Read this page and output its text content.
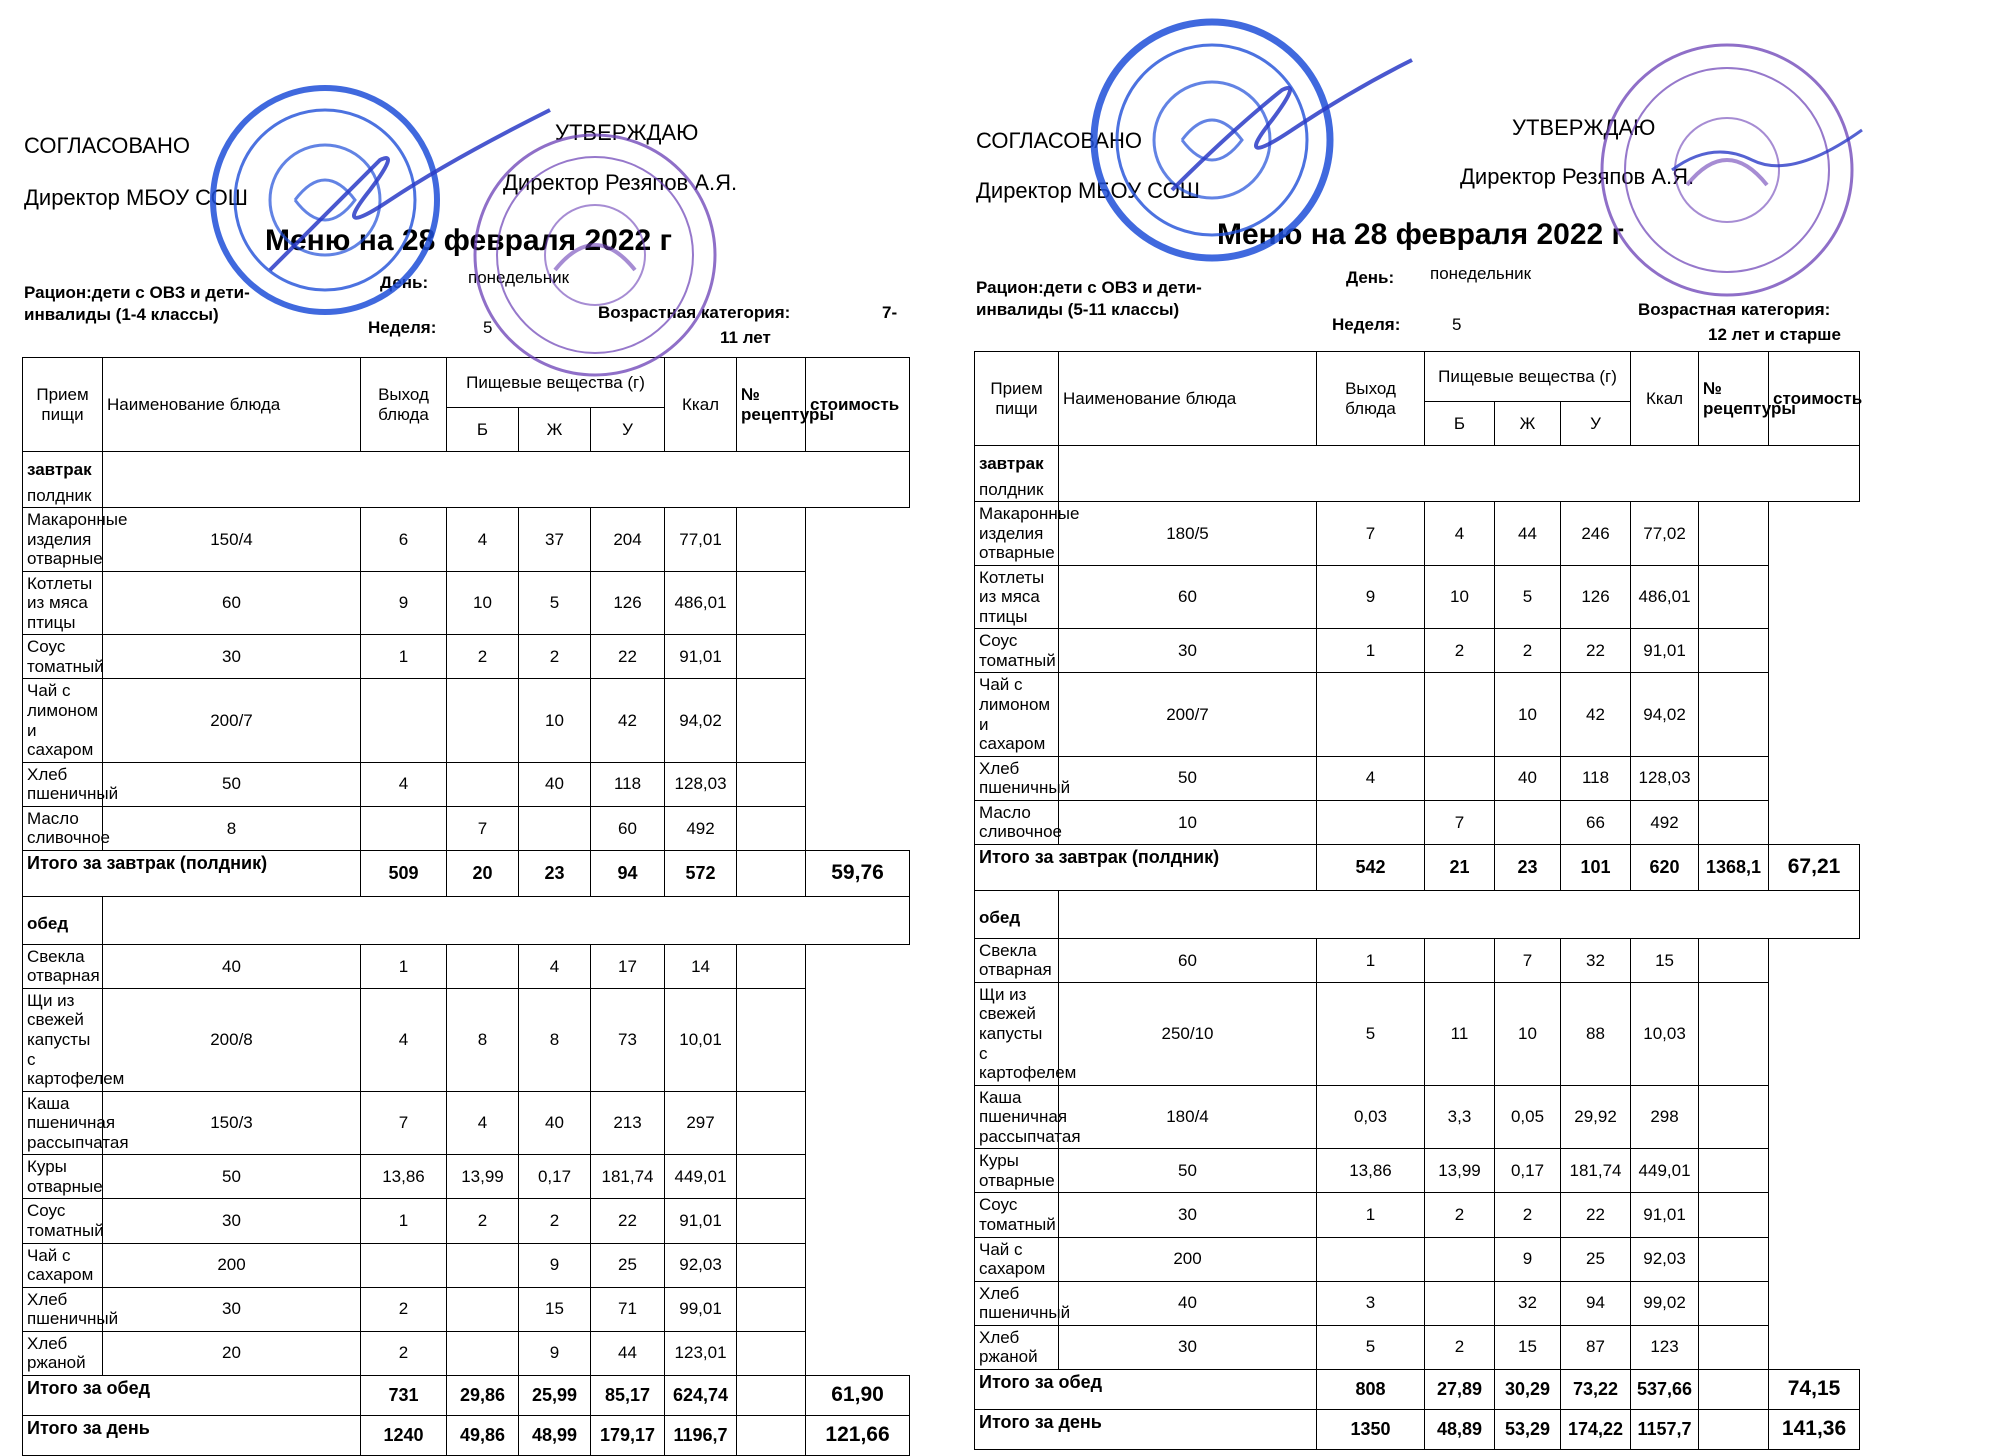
СОГЛАСОВАНО
УТВЕРЖДАЮ
Директор МБОУ СОШ
Директор Резяпов А.Я.
Меню на 28 февраля 2022 г
Рацион:дети с ОВЗ и дети-
инвалиды (1-4 классы)
День: понедельник
Неделя:	5
Возрастная категория:	7-
11 лет
Прием пищи	Наименование блюда	Выход блюда	Пищевые вещества (г)			Ккал	№ рецептуры	стоимость
			Б	Ж	У			

завтрак
полдник								

Макаронные изделия отварные	150/4	6	4	37	204	77,01		
Котлеты из мяса птицы	60	9	10	5	126	486,01		
Соус томатный	30	1	2	2	22	91,01		
Чай с лимоном и сахаром	200/7			10	42	94,02		
Хлеб пшеничный	50	4		40	118	128,03		
Масло сливочное	8		7		60	492		
Итого за завтрак (полдник)		509	20	23	94	572		59,76

обед								

Свекла отварная	40	1		4	17	14		
Щи из свежей капусты с картофелем	200/8	4	8	8	73	10,01		
Каша пшеничная рассыпчатая	150/3	7	4	40	213	297		
Куры отварные	50	13,86	13,99	0,17	181,74	449,01		
Соус томатный	30	1	2	2	22	91,01		
Чай с сахаром	200			9	25	92,03		
Хлеб пшеничный	30	2		15	71	99,01		
Хлеб ржаной	20	2		9	44	123,01		
Итого за обед		731	29,86	25,99	85,17	624,74		61,90
Итого за день		1240	49,86	48,99	179,17	1196,7		121,66
СОГЛАСОВАНО
УТВЕРЖДАЮ
Директор МБОУ СОШ
Директор Резяпов А.Я.
Меню на 28 февраля 2022 г
Рацион:дети с ОВЗ и дети-
инвалиды (5-11 классы)
День: понедельник
Неделя:	5
Возрастная категория:
12 лет и старше
Прием пищи	Наименование блюда	Выход блюда	Пищевые вещества (г)			Ккал	№ рецептуры	стоимость
			Б	Ж	У			

завтрак
полдник								

Макаронные изделия отварные	180/5	7	4	44	246	77,02		
Котлеты из мяса птицы	60	9	10	5	126	486,01		
Соус томатный	30	1	2	2	22	91,01		
Чай с лимоном и сахаром	200/7			10	42	94,02		
Хлеб пшеничный	50	4		40	118	128,03		
Масло сливочное	10		7		66	492		
Итого за завтрак (полдник)		542	21	23	101	620	1368,1	67,21

обед								

Свекла отварная	60	1		7	32	15		
Щи из свежей капусты с картофелем	250/10	5	11	10	88	10,03		
Каша пшеничная рассыпчатая	180/4	0,03	3,3	0,05	29,92	298		
Куры отварные	50	13,86	13,99	0,17	181,74	449,01		
Соус томатный	30	1	2	2	22	91,01		
Чай с сахаром	200			9	25	92,03		
Хлеб пшеничный	40	3		32	94	99,02		
Хлеб ржаной	30	5	2	15	87	123		
Итого за обед		808	27,89	30,29	73,22	537,66		74,15
Итого за день		1350	48,89	53,29	174,22	1157,7		141,36
